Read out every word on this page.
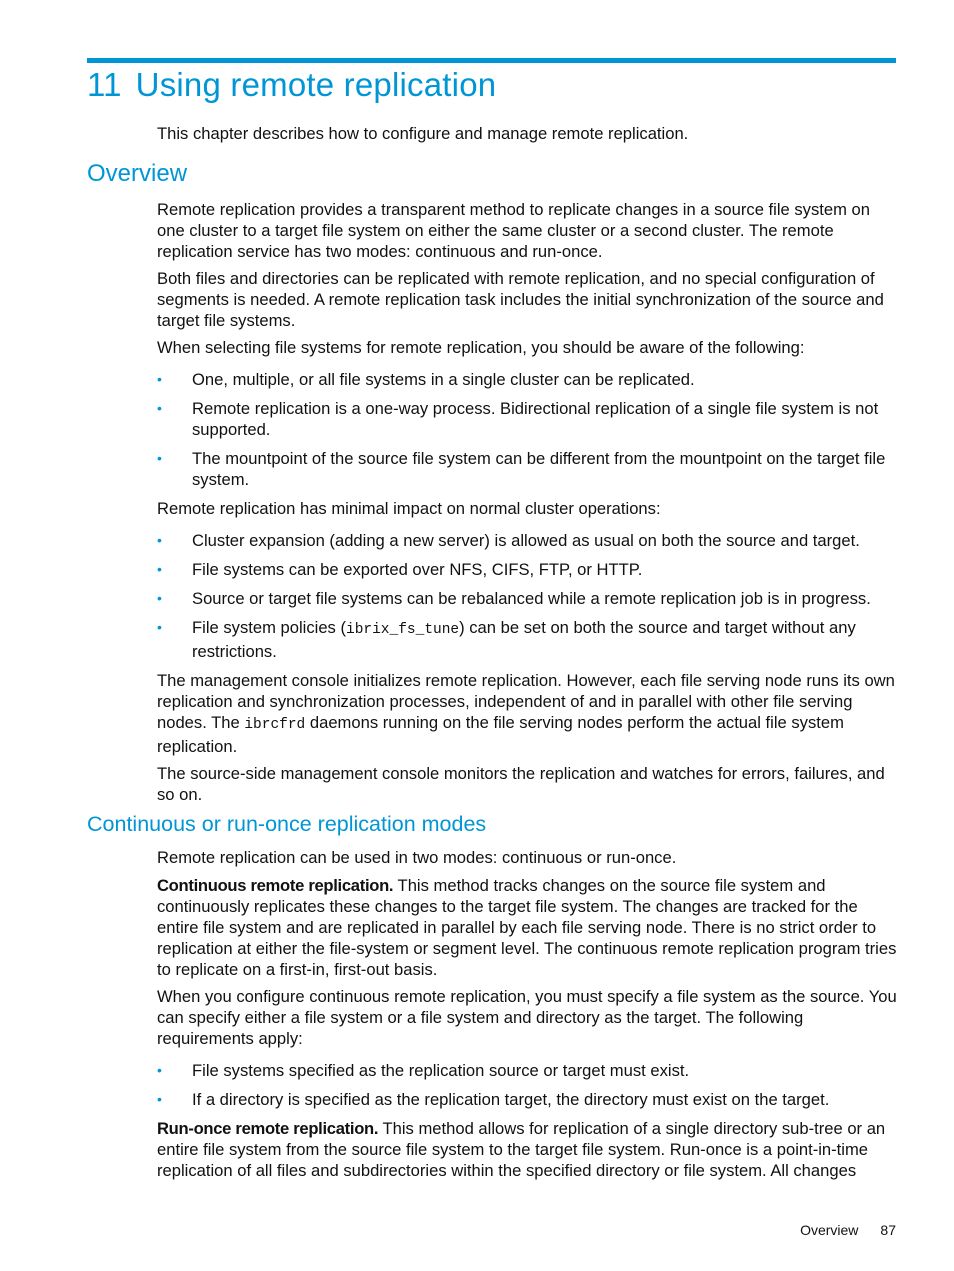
11 Using remote replication

This chapter describes how to configure and manage remote replication.

Overview

Remote replication provides a transparent method to replicate changes in a source file system on one cluster to a target file system on either the same cluster or a second cluster. The remote replication service has two modes: continuous and run-once.

Both files and directories can be replicated with remote replication, and no special configuration of segments is needed. A remote replication task includes the initial synchronization of the source and target file systems.

When selecting file systems for remote replication, you should be aware of the following:

• One, multiple, or all file systems in a single cluster can be replicated.
• Remote replication is a one-way process. Bidirectional replication of a single file system is not supported.
• The mountpoint of the source file system can be different from the mountpoint on the target file system.

Remote replication has minimal impact on normal cluster operations:

• Cluster expansion (adding a new server) is allowed as usual on both the source and target.
• File systems can be exported over NFS, CIFS, FTP, or HTTP.
• Source or target file systems can be rebalanced while a remote replication job is in progress.
• File system policies (ibrix_fs_tune) can be set on both the source and target without any restrictions.

The management console initializes remote replication. However, each file serving node runs its own replication and synchronization processes, independent of and in parallel with other file serving nodes. The ibrcfrd daemons running on the file serving nodes perform the actual file system replication.

The source-side management console monitors the replication and watches for errors, failures, and so on.

Continuous or run-once replication modes

Remote replication can be used in two modes: continuous or run-once.

Continuous remote replication. This method tracks changes on the source file system and continuously replicates these changes to the target file system. The changes are tracked for the entire file system and are replicated in parallel by each file serving node. There is no strict order to replication at either the file-system or segment level. The continuous remote replication program tries to replicate on a first-in, first-out basis.

When you configure continuous remote replication, you must specify a file system as the source. You can specify either a file system or a file system and directory as the target. The following requirements apply:

• File systems specified as the replication source or target must exist.
• If a directory is specified as the replication target, the directory must exist on the target.

Run-once remote replication. This method allows for replication of a single directory sub-tree or an entire file system from the source file system to the target file system. Run-once is a point-in-time replication of all files and subdirectories within the specified directory or file system. All changes

Overview 87
